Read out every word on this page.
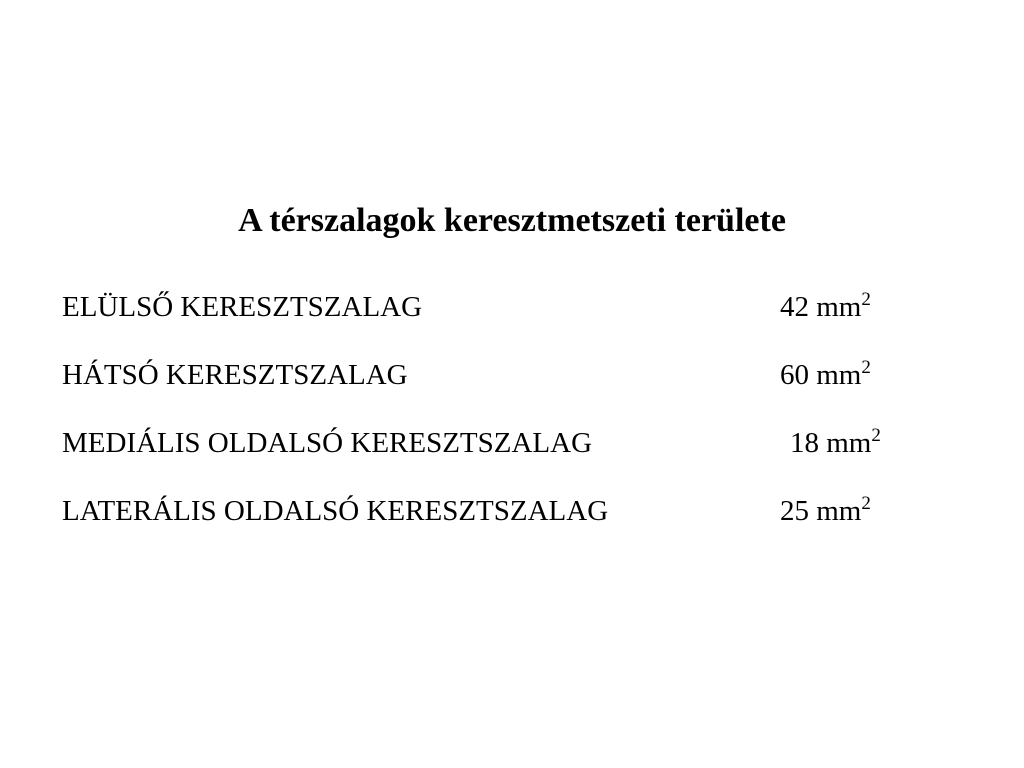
A térszalagok keresztmetszeti területe
ELÜLSŐ KERESZTSZALAG	42 $mm^2$
HÁTSÓ KERESZTSZALAG	60 $mm^2$
MEDIÁLIS OLDALSÓ KERESZTSZALAG	18 $mm^2$
LATERÁLIS OLDALSÓ KERESZTSZALAG	25 $mm^2$
